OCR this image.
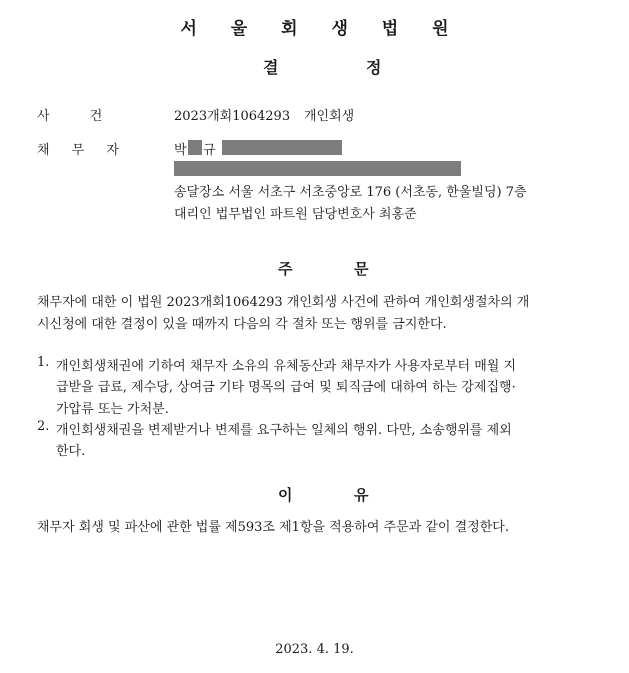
서 울 회 생 법 원
결	정
사 건	2023개회1064293 개인회생
채 무 자	박 규
송달장소 서울 서초구 서초중앙로 176 (서초동, 한울빌딩) 7층
대리인 법무법인 파트원 담당변호사 최홍준
주	문
채무자에 대한 이 법원 2023개회1064293 개인회생 사건에 관하여 개인회생절차의 개
시신청에 대한 결정이 있을 때까지 다음의 각 절차 또는 행위를 금지한다.
1. 개인회생채권에 기하여 채무자 소유의 유체동산과 채무자가 사용자로부터 매월 지
급받을 급료, 제수당, 상여금 기타 명목의 급여 및 퇴직금에 대하여 하는 강제집행·
가압류 또는 가처분.
2. 개인회생채권을 변제받거나 변제를 요구하는 일체의 행위. 다만, 소송행위를 제외
한다.
이	유
채무자 회생 및 파산에 관한 법률 제593조 제1항을 적용하여 주문과 같이 결정한다.
2023. 4. 19.
